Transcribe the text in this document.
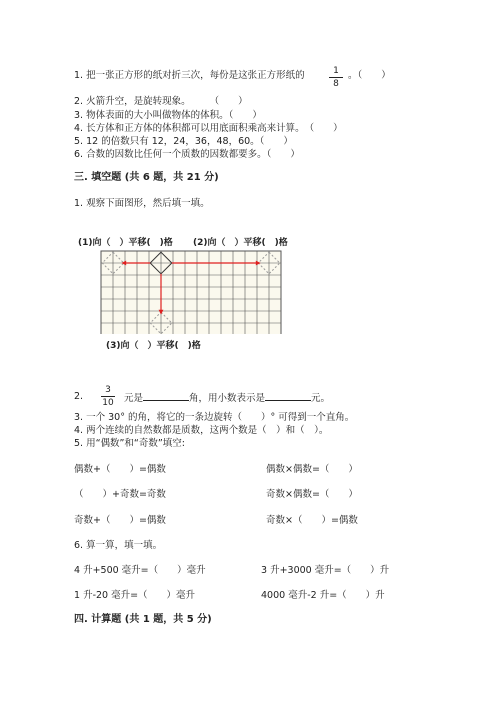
1. 把一张正方形的纸对折三次，每份是这张正方形纸的	1
8
。（　　）
2. 火箭升空，是旋转现象。　　　（　　）
3. 物体表面的大小叫做物体的体积。（　　）
4. 长方体和正方体的体积都可以用底面积乘高来计算。　（　　）
5. 12 的倍数只有 12，24，36，48，60。（　　）
6. 合数的因数比任何一个质数的因数都要多。（　　）
三. 填空题 (共 6 题，共 21 分)
1. 观察下面图形，然后填一填。
(1)向（　）平移(　)格 (2)向（　）平移(　)格
(3)向（　）平移(　)格
2.
3
10 元是	角，用小数表示是	元。
3. 一个 30° 的角，将它的一条边旋转（　　）° 可得到一个直角。
4. 两个连续的自然数都是质数，这两个数是（　）和（　）。
5. 用“偶数”和“奇数”填空:
偶数+（　　）=偶数	偶数×偶数=（　　）
（　　）+奇数=奇数	奇数×偶数=（　　）
奇数+（　　）=偶数	奇数×（　　）=偶数
6. 算一算，填一填。
4 升+500 毫升=（　　）毫升	3 升+3000 毫升=（　　）升
1 升-20 毫升=（　　）毫升	4000 毫升-2 升=（　　）升
四. 计算题 (共 1 题，共 5 分)
